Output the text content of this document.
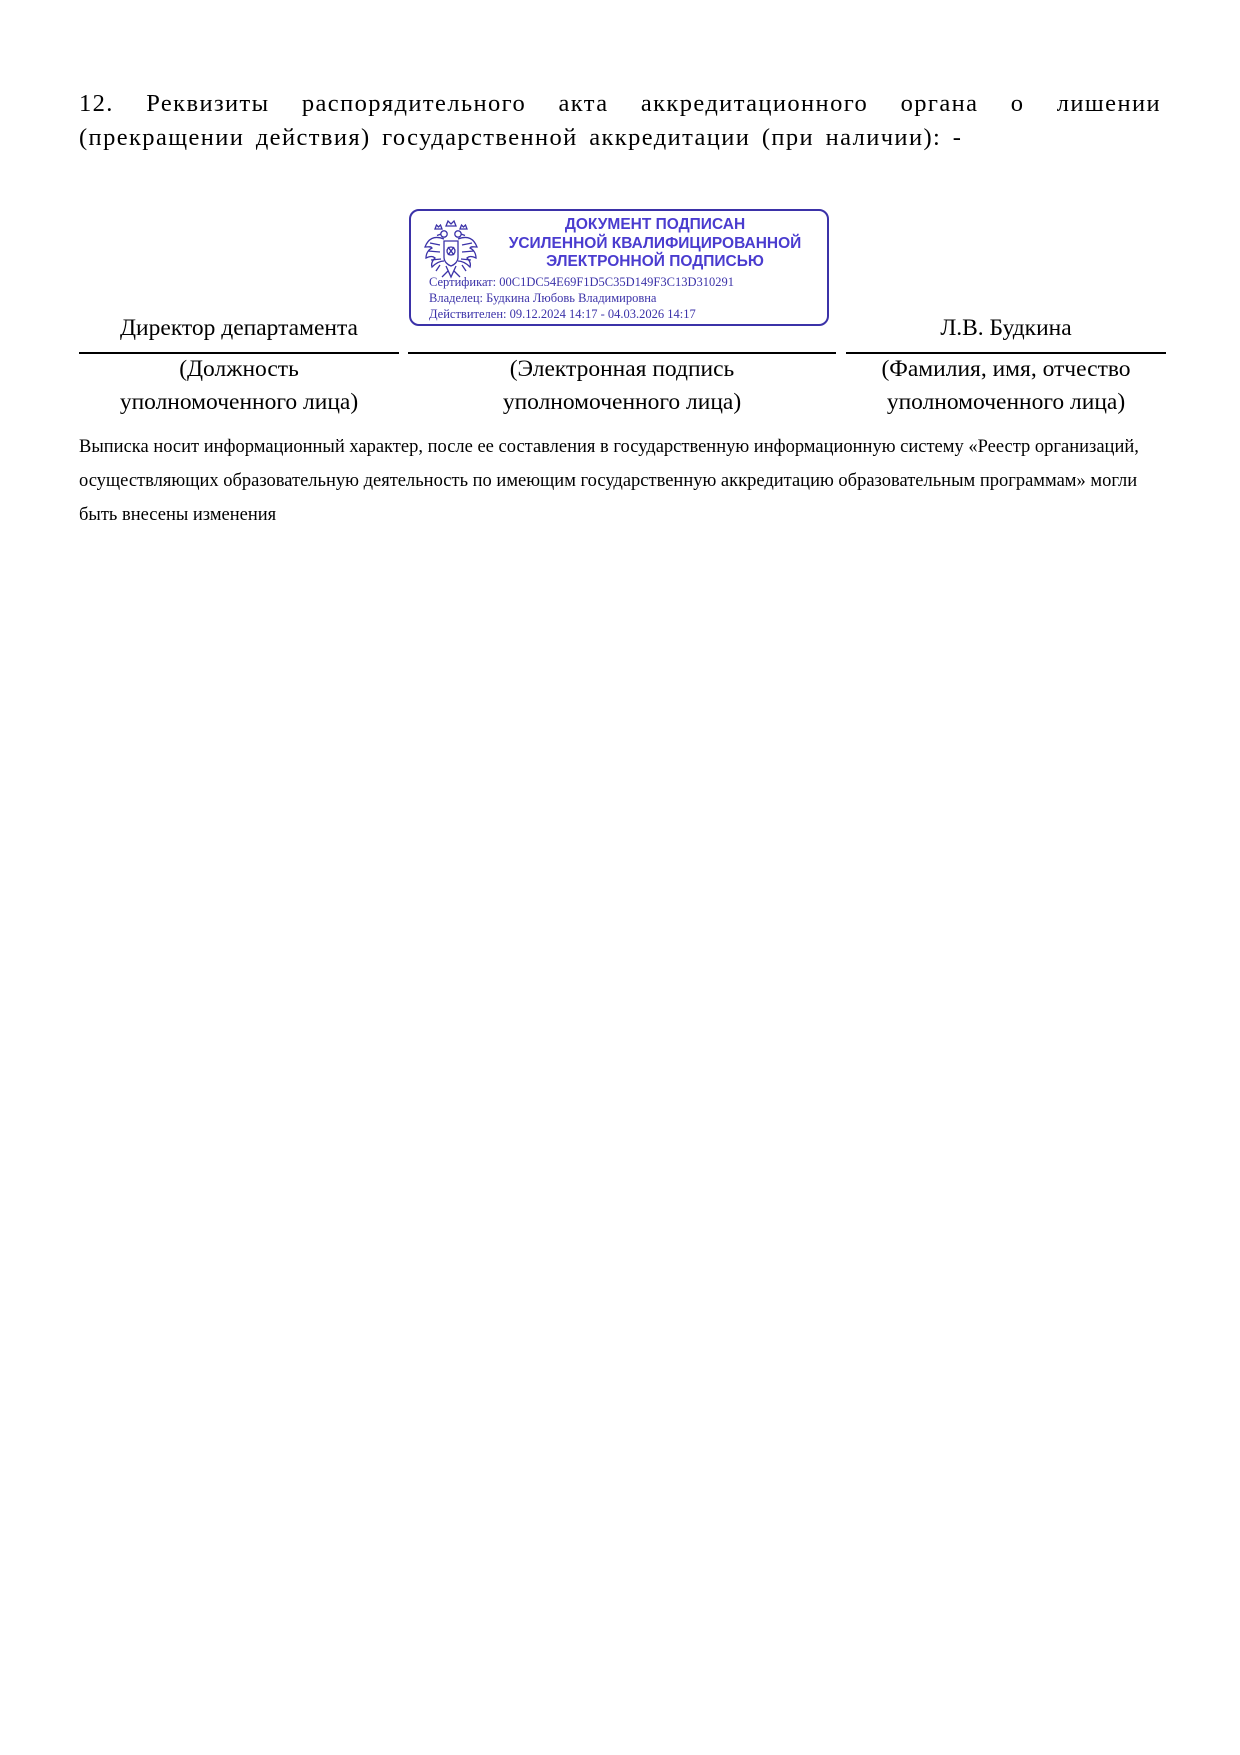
12. Реквизиты распорядительного акта аккредитационного органа о лишении (прекращении действия) государственной аккредитации (при наличии): -

ДОКУМЕНТ ПОДПИСАН
УСИЛЕННОЙ КВАЛИФИЦИРОВАННОЙ
ЭЛЕКТРОННОЙ ПОДПИСЬЮ

Сертификат: 00C1DC54E69F1D5C35D149F3C13D310291

Владелец: Будкина Любовь Владимировна

Действителен: 09.12.2024 14:17 - 04.03.2026 14:17

Директор департамента	Л.В. Будкина

(Должность
уполномоченного лица)

(Электронная подпись
уполномоченного лица)

(Фамилия, имя, отчество
уполномоченного лица)

Выписка носит информационный характер, после ее составления в государственную информационную систему «Реестр организаций, осуществляющих образовательную деятельность по имеющим государственную аккредитацию образовательным программам» могли быть внесены изменения
